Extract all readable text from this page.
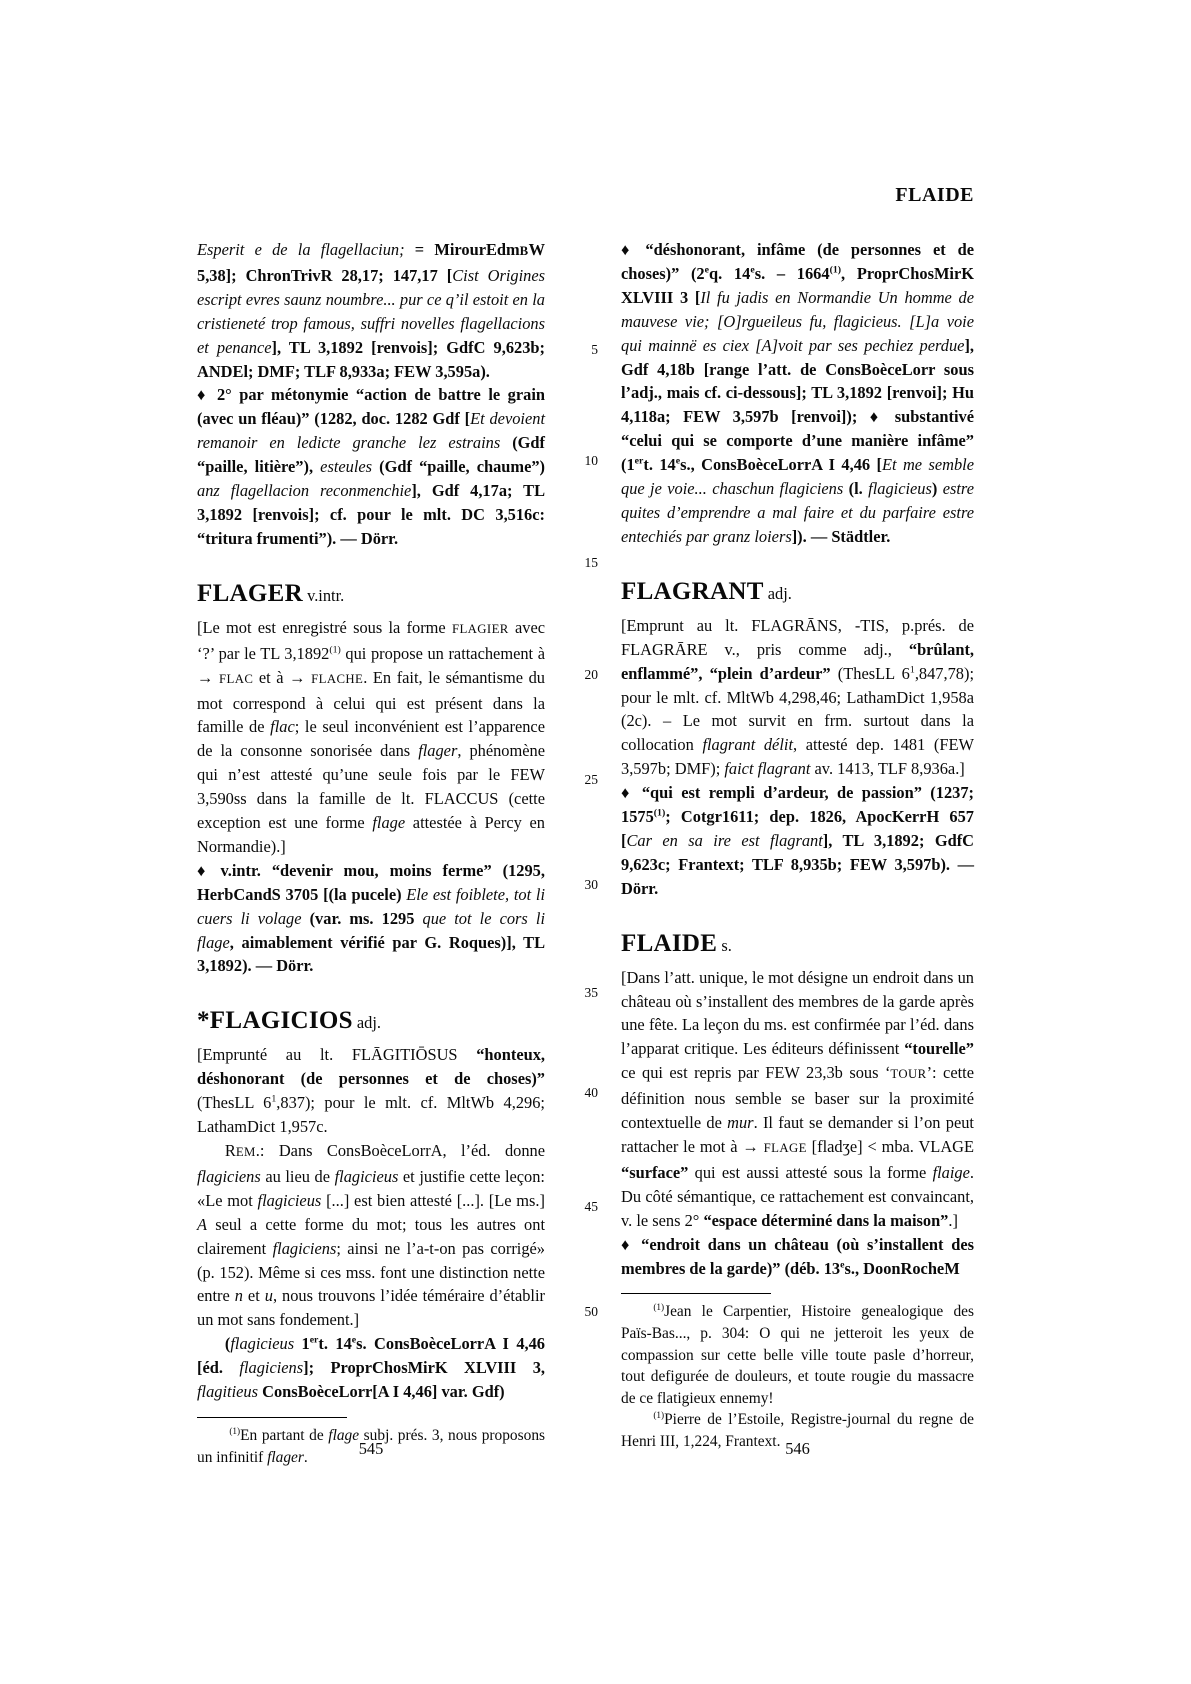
FLAIDE

Esperit e de la flagellaciun; = MirourEdmBW 5,38]; ChronTrivR 28,17; 147,17 [Cist Origines escript evres saunz noumbre... pur ce q’il estoit en la cristieneté trop famous, suffri novelles flagellacions et penance], TL 3,1892 [renvois]; GdfC 9,623b; ANDEl; DMF; TLF 8,933a; FEW 3,595a).

♦  2° par métonymie “action de battre le grain (avec un fléau)” (1282, doc. 1282 Gdf [Et devoient remanoir en ledicte granche lez estrains (Gdf “paille, litière”), esteules (Gdf “paille, chaume”) anz flagellacion reconmenchie], Gdf 4,17a; TL 3,1892 [renvois]; cf. pour le mlt. DC 3,516c: “tritura frumenti”). — Dörr.

FLAGER v.intr.

[Le mot est enregistré sous la forme FLAGIER avec ‘?’ par le TL 3,1892$^{(1)}$ qui propose un rattachement à → FLAC et à → FLACHE. En fait, le sémantisme du mot correspond à celui qui est présent dans la famille de flac; le seul inconvénient est l’apparence de la consonne sonorisée dans flager, phénomène qui n’est attesté qu’une seule fois par le FEW 3,590ss dans la famille de lt. FLACCUS (cette exception est une forme flage attestée à Percy en Normandie).]

♦  v.intr. “devenir mou, moins ferme” (1295, HerbCandS 3705 [(la pucele) Ele est foiblete, tot li cuers li volage (var. ms. 1295 que tot le cors li flage, aimablement vérifié par G. Roques)], TL 3,1892). — Dörr.

*FLAGICIOS adj.

[Emprunté au lt. FLĀGITIŌSUS “honteux, déshonorant (de personnes et de choses)” (ThesLL $6^1,837$); pour le mlt. cf. MltWb 4,296; LathamDict 1,957c.

REM.: Dans ConsBoèceLorrA, l’éd. donne flagiciens au lieu de flagicieus et justifie cette leçon: «Le mot flagicieus [...] est bien attesté [...]. [Le ms.] A seul a cette forme du mot; tous les autres ont clairement flagiciens; ainsi ne l’a-t-on pas corrigé» (p. 152). Même si ces mss. font une distinction nette entre n et u, nous trouvons l’idée téméraire d’établir un mot sans fondement.]

(flagicieus 1ert. 14es. ConsBoèceLorrA I 4,46 [éd. flagiciens]; ProprChosMirK XLVIII 3, flagitieus ConsBoèceLorr[A I 4,46] var. Gdf)

$^{(1)}$En partant de flage subj. prés. 3, nous proposons un infinitif flager.

♦  “déshonorant, infâme (de personnes et de choses)” (2eq. 14es. – 1664$^{(1)}$, ProprChosMirK XLVIII 3 [Il fu jadis en Normandie Un homme de mauvese vie; [O]rgueileus fu, flagicieus. [L]a voie qui mainnë es ciex [A]voit par ses pechiez perdue], Gdf 4,18b [range l’att. de ConsBoèceLorr sous l’adj., mais cf. ci-dessous]; TL 3,1892 [renvoi]; Hu 4,118a; FEW 3,597b [renvoi]); ♦ substantivé “celui qui se comporte d’une manière infâme” (1ert. 14es., ConsBoèceLorrA I 4,46 [Et me semble que je voie... chaschun flagiciens (l. flagicieus) estre quites d’emprendre a mal faire et du parfaire estre entechiés par granz loiers]). — Städtler.

FLAGRANT adj.

[Emprunt au lt. FLAGRĀNS, -TIS, p.prés. de FLAGRĀRE v., pris comme adj., “brûlant, enflammé”, “plein d’ardeur” (ThesLL $6^1,847,78$); pour le mlt. cf. MltWb 4,298,46; LathamDict 1,958a (2c). – Le mot survit en frm. surtout dans la collocation flagrant délit, attesté dep. 1481 (FEW 3,597b; DMF); faict flagrant av. 1413, TLF 8,936a.]

♦  “qui est rempli d’ardeur, de passion” (1237; 1575$^{(1)}$; Cotgr1611; dep. 1826, ApocKerrH 657 [Car en sa ire est flagrant], TL 3,1892; GdfC 9,623c; Frantext; TLF 8,935b; FEW 3,597b). — Dörr.

FLAIDE s.

[Dans l’att. unique, le mot désigne un endroit dans un château où s’installent des membres de la garde après une fête. La leçon du ms. est confirmée par l’éd. dans l’apparat critique. Les éditeurs définissent “tourelle” ce qui est repris par FEW 23,3b sous ‘TOUR’: cette définition nous semble se baser sur la proximité contextuelle de mur. Il faut se demander si l’on peut rattacher le mot à → FLAGE [fladʒe] < mba. VLAGE “surface” qui est aussi attesté sous la forme flaige. Du côté sémantique, ce rattachement est convaincant, v. le sens 2° “espace déterminé dans la maison”.]

♦  “endroit dans un château (où s’installent des membres de la garde)” (déb. 13es., DoonRocheM

$^{(1)}$Jean le Carpentier, Histoire genealogique des Païs-Bas..., p. 304: O qui ne jetteroit les yeux de compassion sur cette belle ville toute pasle d’horreur, tout defigurée de douleurs, et toute rougie du massacre de ce flatigieux ennemy!

$^{(1)}$Pierre de l’Estoile, Registre-journal du regne de Henri III, 1,224, Frantext.

5
10
15
20
25
30
35
40
45
50
545	546
